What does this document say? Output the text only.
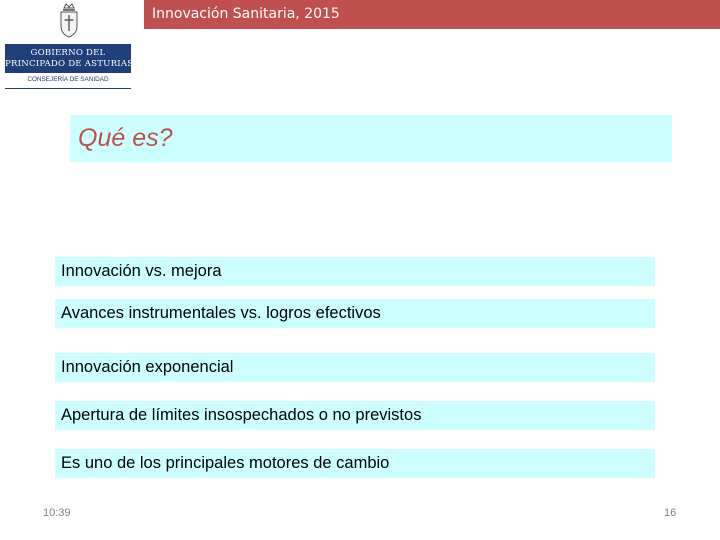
Innovación Sanitaria, 2015
GOBIERNO DEL
PRINCIPADO DE ASTURIAS
CONSEJERÍA DE SANIDAD
Qué es?
Innovación vs. mejora
Avances instrumentales vs. logros efectivos
Innovación exponencial
Apertura de límites insospechados o no previstos
Es uno de los principales motores de cambio
10:39	16
